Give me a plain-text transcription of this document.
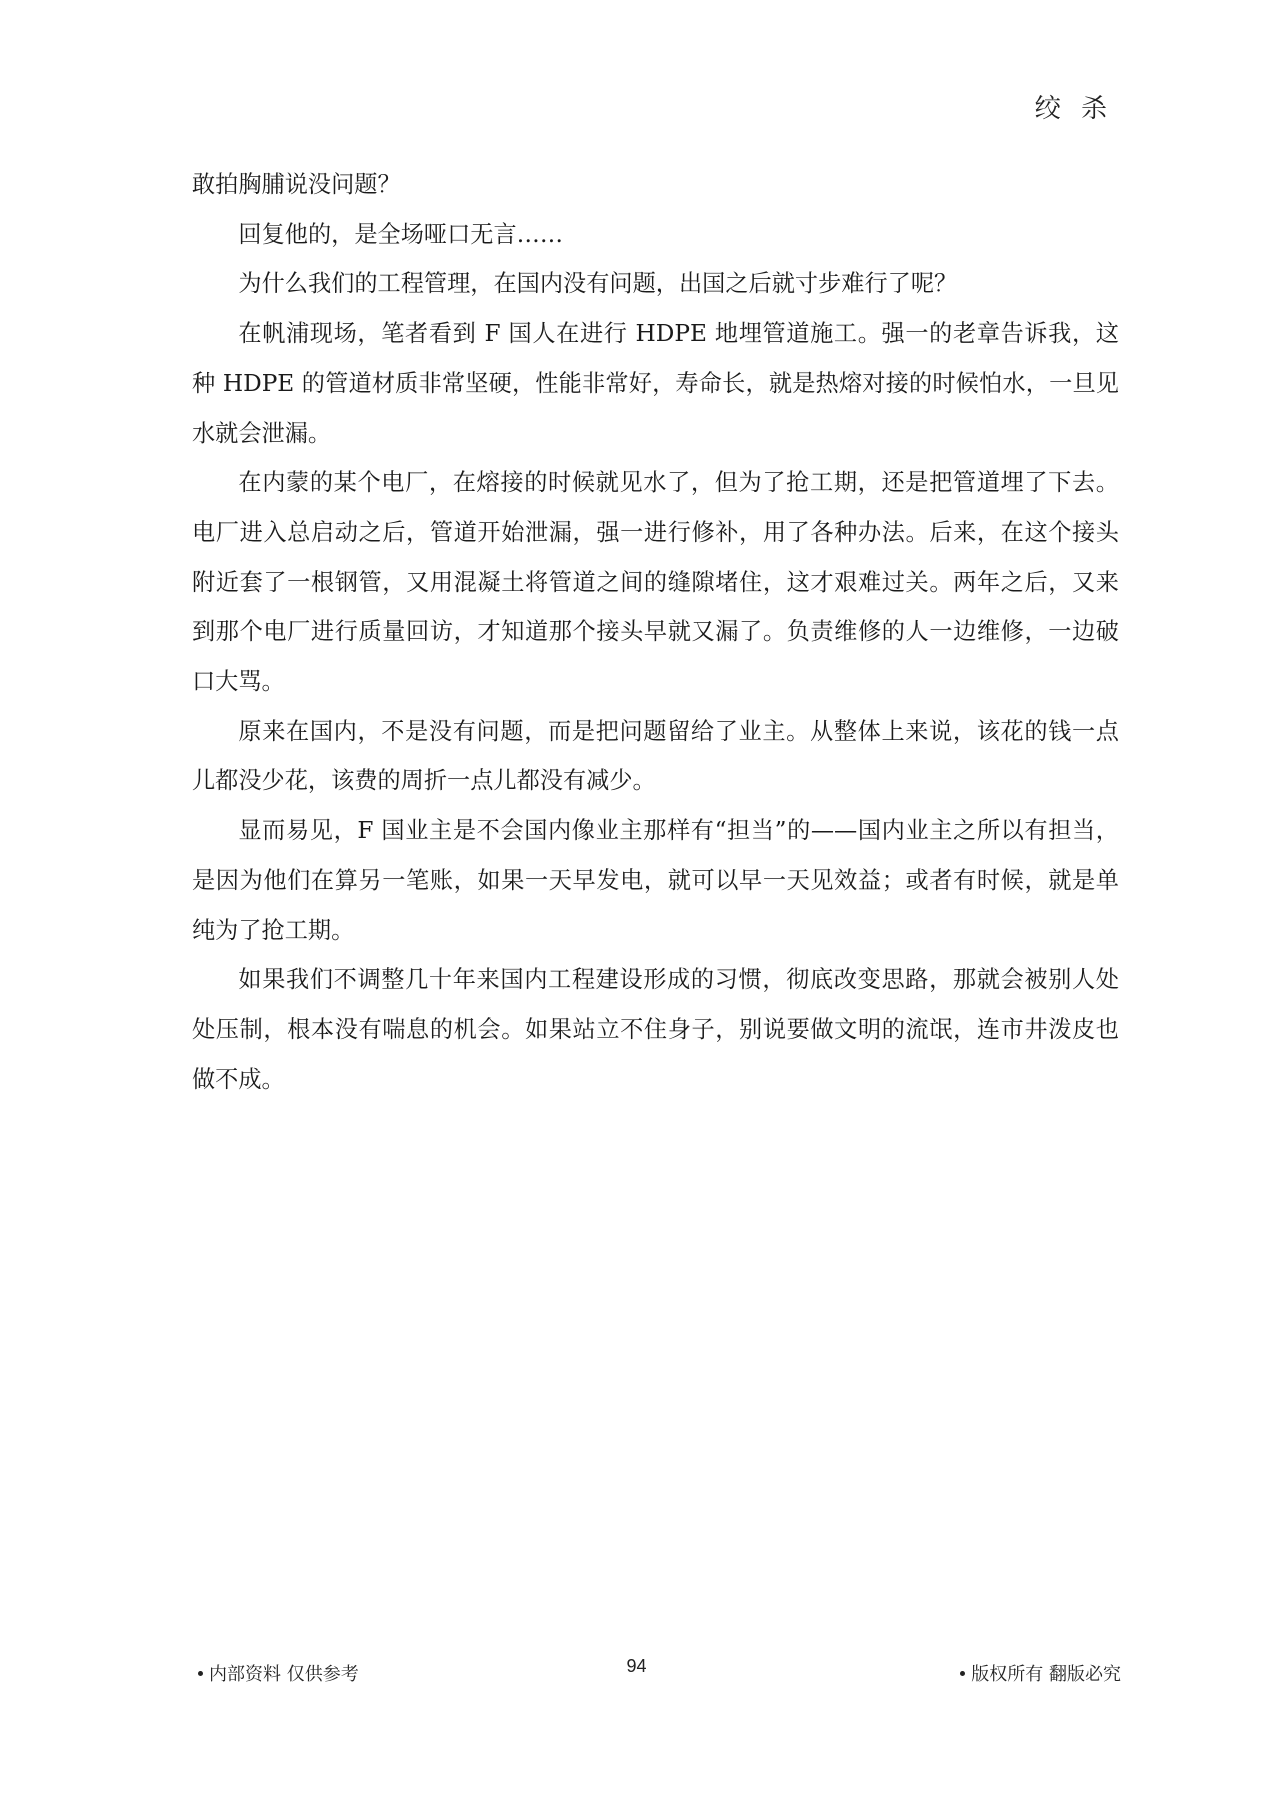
绞 杀

敢拍胸脯说没问题？

回复他的，是全场哑口无言……

为什么我们的工程管理，在国内没有问题，出国之后就寸步难行了呢？

在帆浦现场，笔者看到 F 国人在进行 HDPE 地埋管道施工。强一的老章告诉我，这种 HDPE 的管道材质非常坚硬，性能非常好，寿命长，就是热熔对接的时候怕水，一旦见水就会泄漏。

在内蒙的某个电厂，在熔接的时候就见水了，但为了抢工期，还是把管道埋了下去。电厂进入总启动之后，管道开始泄漏，强一进行修补，用了各种办法。后来，在这个接头附近套了一根钢管，又用混凝土将管道之间的缝隙堵住，这才艰难过关。两年之后，又来到那个电厂进行质量回访，才知道那个接头早就又漏了。负责维修的人一边维修，一边破口大骂。

原来在国内，不是没有问题，而是把问题留给了业主。从整体上来说，该花的钱一点儿都没少花，该费的周折一点儿都没有减少。

显而易见，F 国业主是不会国内像业主那样有“担当”的——国内业主之所以有担当，是因为他们在算另一笔账，如果一天早发电，就可以早一天见效益；或者有时候，就是单纯为了抢工期。

如果我们不调整几十年来国内工程建设形成的习惯，彻底改变思路，那就会被别人处处压制，根本没有喘息的机会。如果站立不住身子，别说要做文明的流氓，连市井泼皮也做不成。

内部资料 仅供参考	94	版权所有 翻版必究
